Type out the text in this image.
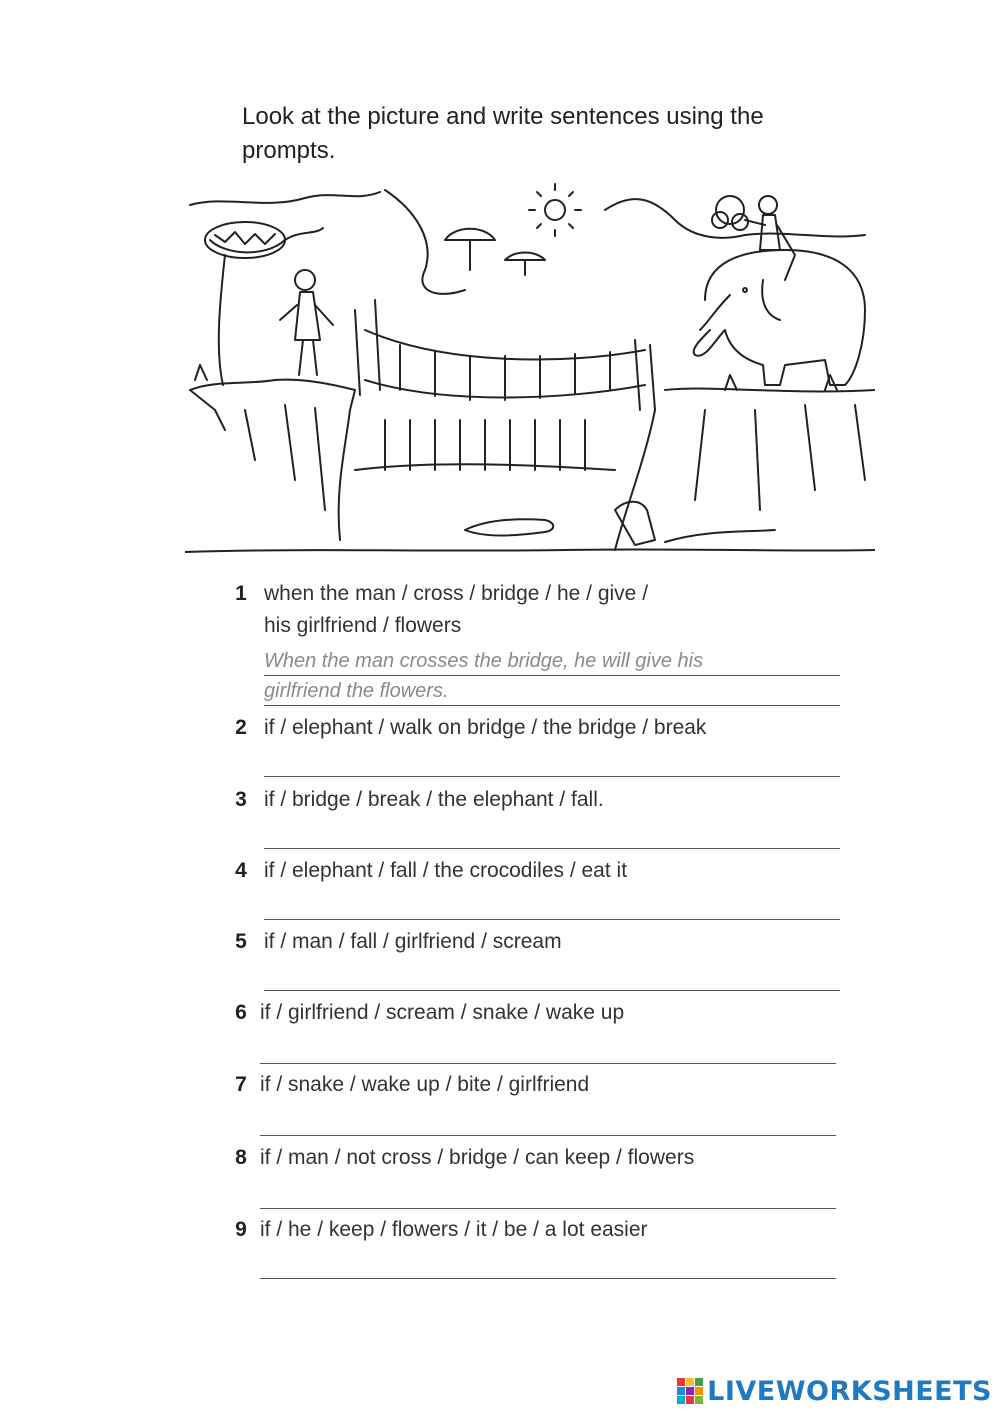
Look at the picture and write sentences using the prompts.
1 when the man / cross / bridge / he / give /
his girlfriend / flowers
When the man crosses the bridge, he will give his
girlfriend the flowers.
2 if / elephant / walk on bridge / the bridge / break
3 if / bridge / break / the elephant / fall.
4 if / elephant / fall / the crocodiles / eat it
5 if / man / fall / girlfriend / scream
6 if / girlfriend / scream / snake / wake up
7 if / snake / wake up / bite / girlfriend
8 if / man / not cross / bridge / can keep / flowers
9 if / he / keep / flowers / it / be / a lot easier
LIVEWORKSHEETS
